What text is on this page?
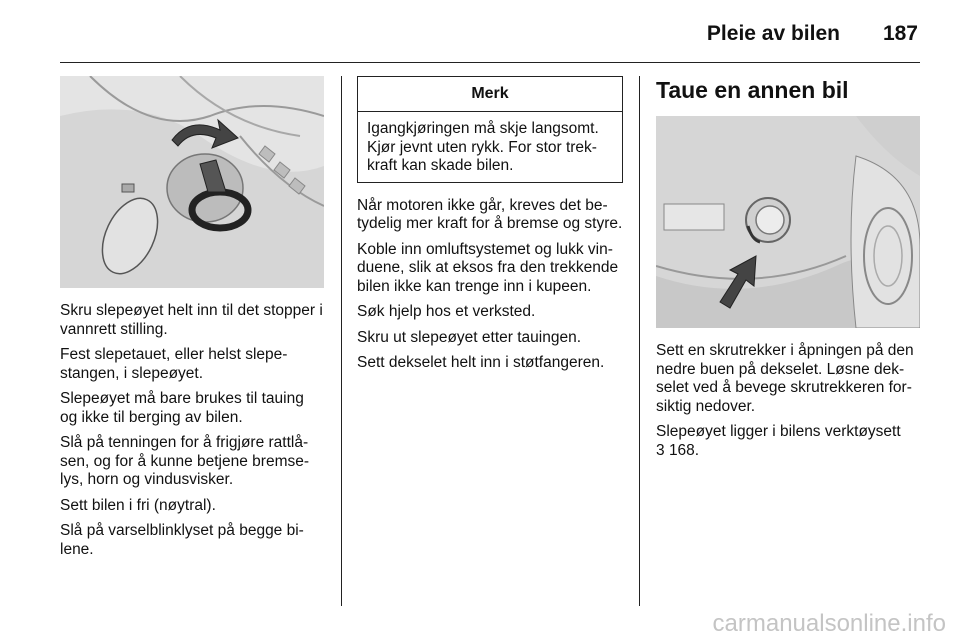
Pleie av bilen 187

Skru slepeøyet helt inn til det stopper i vannrett stilling.

Fest slepetauet, eller helst slepe-stangen, i slepeøyet.

Slepeøyet må bare brukes til tauing og ikke til berging av bilen.

Slå på tenningen for å frigjøre rattlå-sen, og for å kunne betjene bremse-lys, horn og vindusvisker.

Sett bilen i fri (nøytral).

Slå på varselblinklyset på begge bi-lene.

Merk

Igangkjøringen må skje langsomt. Kjør jevnt uten rykk. For stor trek-kraft kan skade bilen.

Når motoren ikke går, kreves det be-tydelig mer kraft for å bremse og styre.

Koble inn omluftsystemet og lukk vin-duene, slik at eksos fra den trekkende bilen ikke kan trenge inn i kupeen.

Søk hjelp hos et verksted.

Skru ut slepeøyet etter tauingen.

Sett dekselet helt inn i støtfangeren.

Taue en annen bil

Sett en skrutrekker i åpningen på den nedre buen på dekselet. Løsne dek-selet ved å bevege skrutrekkeren for-siktig nedover.

Slepeøyet ligger i bilens verktøysett
3 168.

carmanualsonline.info
